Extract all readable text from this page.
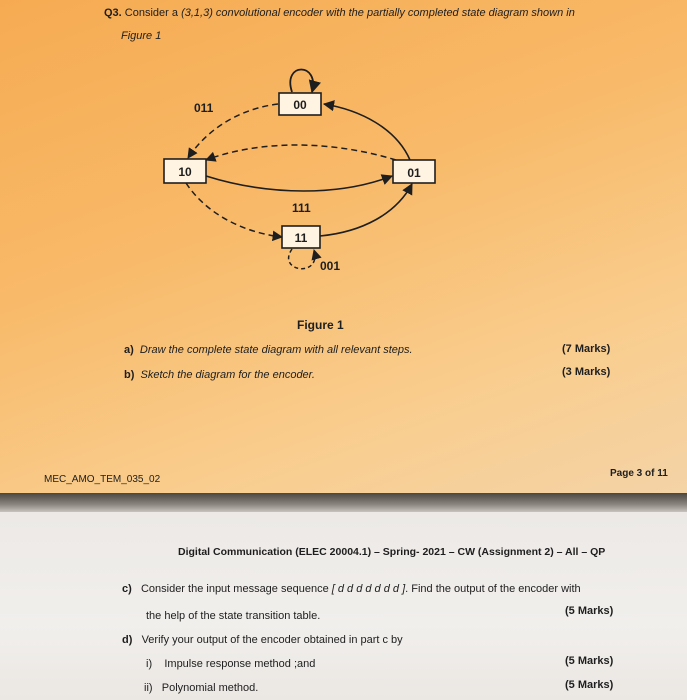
Q3. Consider a (3,1,3) convolutional encoder with the partially completed state diagram shown in
Figure 1
00
10	01
11
011
111
001
Figure 1
a) Draw the complete state diagram with all relevant steps.	(7 Marks)
b) Sketch the diagram for the encoder.	(3 Marks)
MEC_AMO_TEM_035_02
Page 3 of 11
Digital Communication (ELEC 20004.1) – Spring- 2021 – CW (Assignment 2) – All – QP
c) Consider the input message sequence [ d d d d d d d ]. Find the output of the encoder with
the help of the state transition table.	(5 Marks)
d) Verify your output of the encoder obtained in part c by
i) Impulse response method ;and	(5 Marks)
ii) Polynomial method.	(5 Marks)
